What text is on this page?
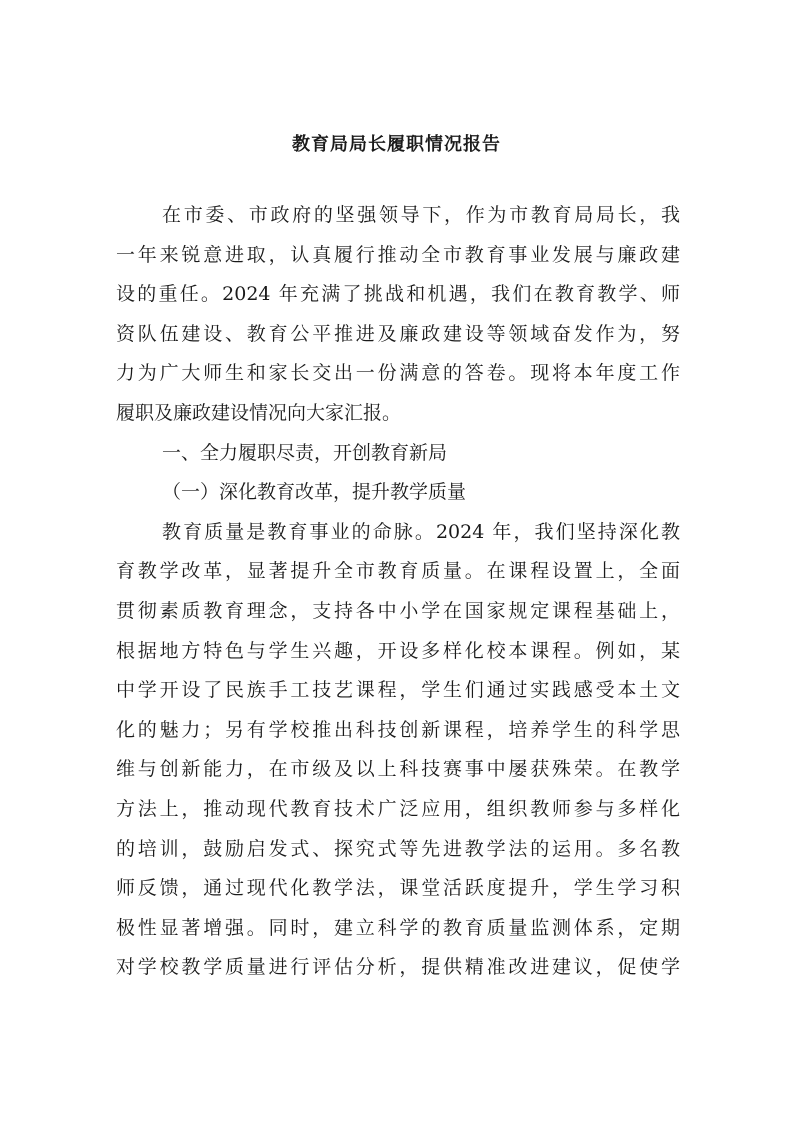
教育局局长履职情况报告
在市委、市政府的坚强领导下，作为市教育局局长，我
一年来锐意进取，认真履行推动全市教育事业发展与廉政建
设的重任。2024 年充满了挑战和机遇，我们在教育教学、师
资队伍建设、教育公平推进及廉政建设等领域奋发作为，努
力为广大师生和家长交出一份满意的答卷。现将本年度工作
履职及廉政建设情况向大家汇报。
一、全力履职尽责，开创教育新局
（一）深化教育改革，提升教学质量
教育质量是教育事业的命脉。2024 年，我们坚持深化教
育教学改革，显著提升全市教育质量。在课程设置上，全面
贯彻素质教育理念，支持各中小学在国家规定课程基础上，
根据地方特色与学生兴趣，开设多样化校本课程。例如，某
中学开设了民族手工技艺课程，学生们通过实践感受本土文
化的魅力；另有学校推出科技创新课程，培养学生的科学思
维与创新能力，在市级及以上科技赛事中屡获殊荣。在教学
方法上，推动现代教育技术广泛应用，组织教师参与多样化
的培训，鼓励启发式、探究式等先进教学法的运用。多名教
师反馈，通过现代化教学法，课堂活跃度提升，学生学习积
极性显著增强。同时，建立科学的教育质量监测体系，定期
对学校教学质量进行评估分析，提供精准改进建议，促使学
